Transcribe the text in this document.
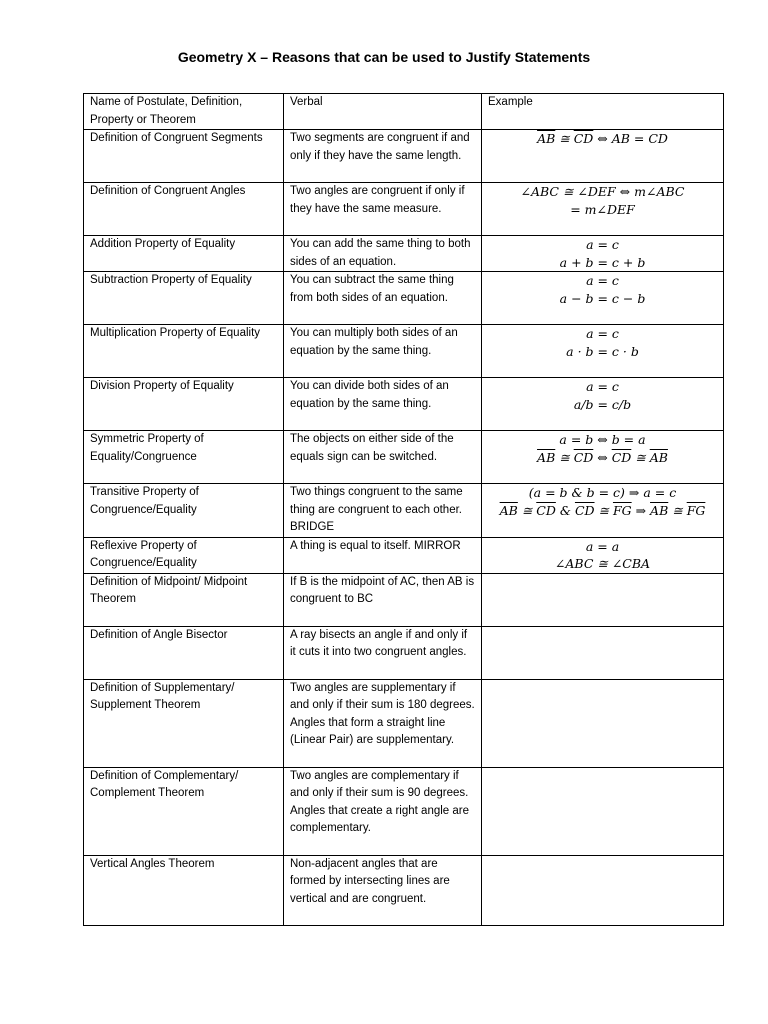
Geometry X – Reasons that can be used to Justify Statements
Name of Postulate, Definition, Property or Theorem	Verbal	Example
Definition of Congruent Segments	Two segments are congruent if and only if they have the same length.	$\overline{AB}$ ≅ $\overline{CD}$ ⇔ AB = CD

Definition of Congruent Angles	Two angles are congruent if only if they have the same measure.	∠ABC ≅ ∠DEF ⇔ m∠ABC
= m∠DEF

Addition Property of Equality	You can add the same thing to both sides of an equation.	a = c
a + b = c + b

Subtraction Property of Equality	You can subtract the same thing from both sides of an equation.	a = c
a − b = c − b

Multiplication Property of Equality	You can multiply both sides of an equation by the same thing.	a = c
a · b = c · b

Division Property of Equality	You can divide both sides of an equation by the same thing.	a = c
a/b = c/b

Symmetric Property of Equality/Congruence	The objects on either side of the equals sign can be switched.	a = b ⇔ b = a
$\overline{AB}$ ≅ $\overline{CD}$ ⇔ $\overline{CD}$ ≅ $\overline{AB}$

Transitive Property of Congruence/Equality	Two things congruent to the same thing are congruent to each other. BRIDGE	(a = b & b = c) ⇒ a = c
$\overline{AB}$ ≅ $\overline{CD}$ & $\overline{CD}$ ≅ $\overline{FG}$ ⇒ $\overline{AB}$ ≅ $\overline{FG}$

Reflexive Property of Congruence/Equality	A thing is equal to itself. MIRROR	a = a
∠ABC ≅ ∠CBA

Definition of Midpoint/ Midpoint Theorem	If B is the midpoint of AC, then AB is congruent to BC	
Definition of Angle Bisector	A ray bisects an angle if and only if it cuts it into two congruent angles.	
Definition of Supplementary/ Supplement Theorem	Two angles are supplementary if and only if their sum is 180 degrees. Angles that form a straight line (Linear Pair) are supplementary.	
Definition of Complementary/ Complement Theorem	Two angles are complementary if and only if their sum is 90 degrees. Angles that create a right angle are complementary.	
Vertical Angles Theorem	Non-adjacent angles that are formed by intersecting lines are vertical and are congruent.	
